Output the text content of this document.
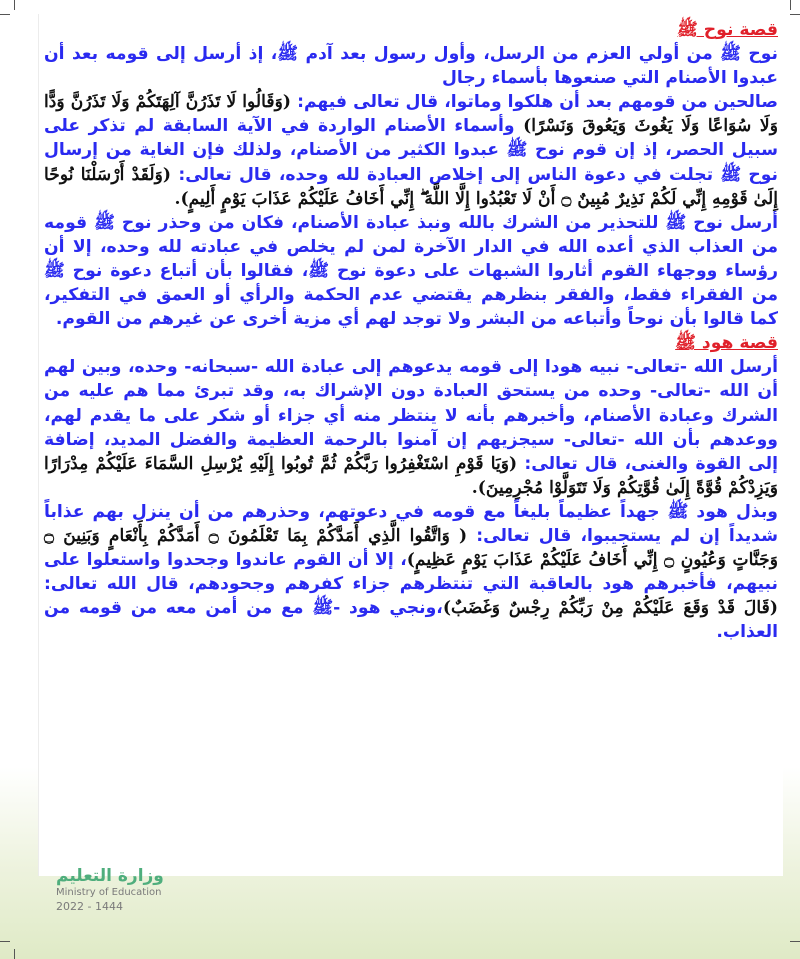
قصة نوح ﷺ

نوح ﷺ من أولي العزم من الرسل، وأول رسول بعد آدم ﷺ، إذ أرسل إلى قومه بعد أن عبدوا الأصنام التي صنعوها بأسماء رجال

صالحين من قومهم بعد أن هلكوا وماتوا، قال تعالى فيهم: (وَقَالُوا لَا تَذَرُنَّ آلِهَتَكُمْ وَلَا تَذَرُنَّ وَدًّا وَلَا سُوَاعًا وَلَا يَغُوثَ وَيَعُوقَ وَنَسْرًا) وأسماء الأصنام الواردة في الآية السابقة لم تذكر على سبيل الحصر، إذ إن قوم نوح ﷺ عبدوا الكثير من الأصنام، ولذلك فإن الغاية من إرسال نوح ﷺ تجلت في دعوة الناس إلى إخلاص العبادة لله وحده، قال تعالى: (وَلَقَدْ أَرْسَلْنَا نُوحًا إِلَىٰ قَوْمِهِ إِنِّي لَكُمْ نَذِيرٌ مُبِينٌ ۝ أَنْ لَا تَعْبُدُوا إِلَّا اللَّهَ ۖ إِنِّي أَخَافُ عَلَيْكُمْ عَذَابَ يَوْمٍ أَلِيمٍ).

أرسل نوح ﷺ للتحذير من الشرك بالله ونبذ عبادة الأصنام، فكان من وحذر نوح ﷺ قومه من العذاب الذي أعده الله في الدار الآخرة لمن لم يخلص في عبادته لله وحده، إلا أن رؤساء ووجهاء القوم أثاروا الشبهات على دعوة نوح ﷺ، فقالوا بأن أتباع دعوة نوح ﷺ من الفقراء فقط، والفقر بنظرهم يقتضي عدم الحكمة والرأي أو العمق في التفكير، كما قالوا بأن نوحاً وأتباعه من البشر ولا توجد لهم أي مزية أخرى عن غيرهم من القوم.

قصة هود ﷺ

أرسل الله -تعالى- نبيه هودا إلى قومه يدعوهم إلى عبادة الله -سبحانه- وحده، وبين لهم أن الله -تعالى- وحده من يستحق العبادة دون الإشراك به، وقد تبرئ مما هم عليه من الشرك وعبادة الأصنام، وأخبرهم بأنه لا ينتظر منه أي جزاء أو شكر على ما يقدم لهم، ووعدهم بأن الله -تعالى- سيجزيهم إن آمنوا بالرحمة العظيمة والفضل المديد، إضافة إلى القوة والغنى، قال تعالى: (وَيَا قَوْمِ اسْتَغْفِرُوا رَبَّكُمْ ثُمَّ تُوبُوا إِلَيْهِ يُرْسِلِ السَّمَاءَ عَلَيْكُمْ مِدْرَارًا وَيَزِدْكُمْ قُوَّةً إِلَىٰ قُوَّتِكُمْ وَلَا تَتَوَلَّوْا مُجْرِمِينَ).

وبذل هود ﷺ جهداً عظيماً بليغاً مع قومه في دعوتهم، وحذرهم من أن ينزل بهم عذاباً شديداً إن لم يستجيبوا، قال تعالى: ( وَاتَّقُوا الَّذِي أَمَدَّكُمْ بِمَا تَعْلَمُونَ ۝ أَمَدَّكُمْ بِأَنْعَامٍ وَبَنِينَ ۝ وَجَنَّاتٍ وَعُيُونٍ ۝ إِنِّي أَخَافُ عَلَيْكُمْ عَذَابَ يَوْمٍ عَظِيمٍ)، إلا أن القوم عاندوا وجحدوا واستعلوا على نبيهم، فأخبرهم هود بالعاقبة التي تنتظرهم جزاء كفرهم وجحودهم، قال الله تعالى: (قَالَ قَدْ وَقَعَ عَلَيْكُمْ مِنْ رَبِّكُمْ رِجْسٌ وَغَضَبٌ)،ونجي هود -ﷺ مع من أمن معه من قومه من العذاب.

وزارة التعليم
Ministry of Education
2022 - 1444
